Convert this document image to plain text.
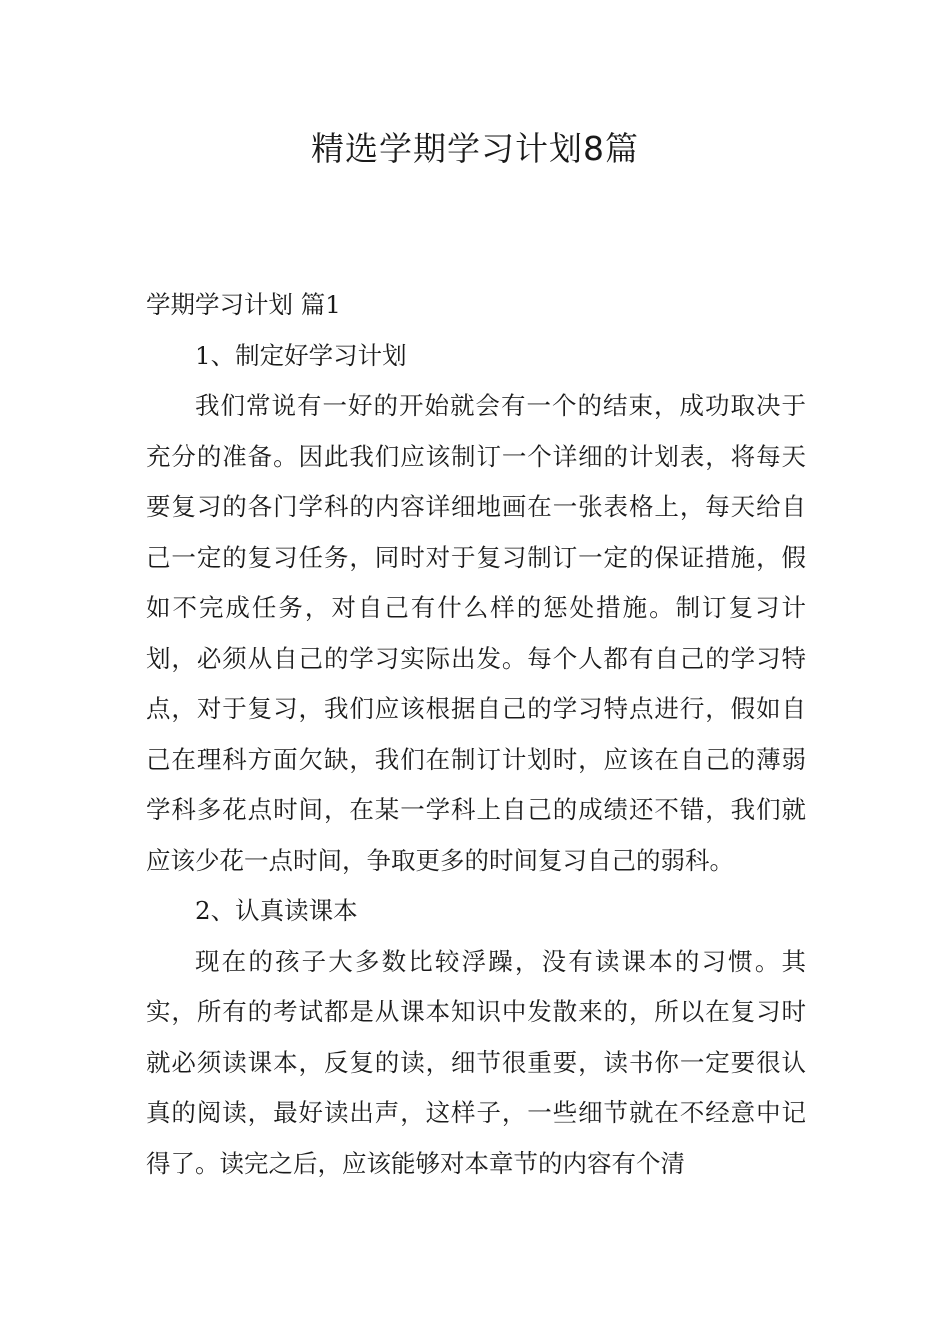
精选学期学习计划8篇

学期学习计划 篇1

1、制定好学习计划

我们常说有一好的开始就会有一个的结束，成功取决于充分的准备。因此我们应该制订一个详细的计划表，将每天要复习的各门学科的内容详细地画在一张表格上，每天给自己一定的复习任务，同时对于复习制订一定的保证措施，假如不完成任务，对自己有什么样的惩处措施。制订复习计划，必须从自己的学习实际出发。每个人都有自己的学习特点，对于复习，我们应该根据自己的学习特点进行，假如自己在理科方面欠缺，我们在制订计划时，应该在自己的薄弱学科多花点时间，在某一学科上自己的成绩还不错，我们就应该少花一点时间，争取更多的时间复习自己的弱科。

2、认真读课本

现在的孩子大多数比较浮躁，没有读课本的习惯。其实，所有的考试都是从课本知识中发散来的，所以在复习时就必须读课本，反复的读，细节很重要，读书你一定要很认真的阅读，最好读出声，这样子，一些细节就在不经意中记得了。读完之后，应该能够对本章节的内容有个清
